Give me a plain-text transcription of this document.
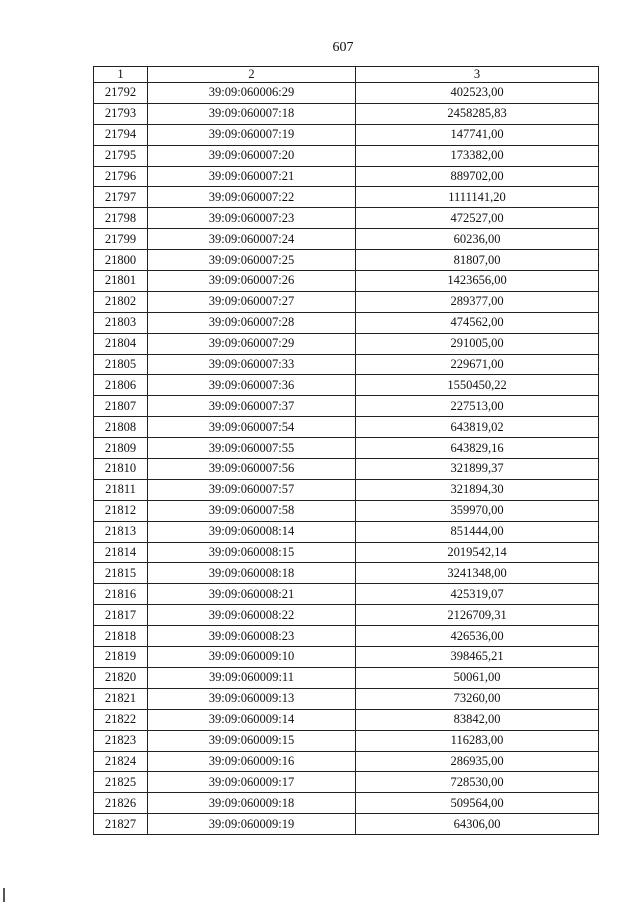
607
1	2	3
21792	39:09:060006:29	402523,00
21793	39:09:060007:18	2458285,83
21794	39:09:060007:19	147741,00
21795	39:09:060007:20	173382,00
21796	39:09:060007:21	889702,00
21797	39:09:060007:22	1111141,20
21798	39:09:060007:23	472527,00
21799	39:09:060007:24	60236,00
21800	39:09:060007:25	81807,00
21801	39:09:060007:26	1423656,00
21802	39:09:060007:27	289377,00
21803	39:09:060007:28	474562,00
21804	39:09:060007:29	291005,00
21805	39:09:060007:33	229671,00
21806	39:09:060007:36	1550450,22
21807	39:09:060007:37	227513,00
21808	39:09:060007:54	643819,02
21809	39:09:060007:55	643829,16
21810	39:09:060007:56	321899,37
21811	39:09:060007:57	321894,30
21812	39:09:060007:58	359970,00
21813	39:09:060008:14	851444,00
21814	39:09:060008:15	2019542,14
21815	39:09:060008:18	3241348,00
21816	39:09:060008:21	425319,07
21817	39:09:060008:22	2126709,31
21818	39:09:060008:23	426536,00
21819	39:09:060009:10	398465,21
21820	39:09:060009:11	50061,00
21821	39:09:060009:13	73260,00
21822	39:09:060009:14	83842,00
21823	39:09:060009:15	116283,00
21824	39:09:060009:16	286935,00
21825	39:09:060009:17	728530,00
21826	39:09:060009:18	509564,00
21827	39:09:060009:19	64306,00
